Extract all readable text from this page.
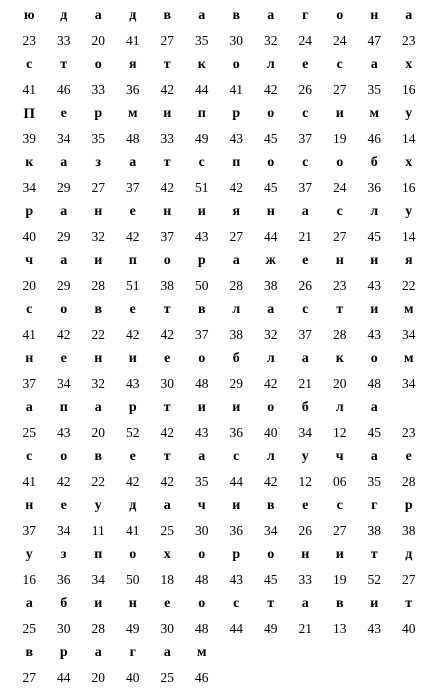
ю	д	а	д	в	а	в	а	г	о	н	а
23	33	20	41	27	35	30	32	24	24	47	23
с	т	о	я	т	к	о	л	е	с	а	х
41	46	33	36	42	44	41	42	26	27	35	16
П	е	р	м	и	п	р	о	с	и	м	у
39	34	35	48	33	49	43	45	37	19	46	14
к	а	з	а	т	с	п	о	с	о	б	х
34	29	27	37	42	51	42	45	37	24	36	16
р	а	н	е	н	и	я	н	а	с	л	у
40	29	32	42	37	43	27	44	21	27	45	14
ч	а	и	п	о	р	а	ж	е	н	и	я
20	29	28	51	38	50	28	38	26	23	43	22
с	о	в	е	т	в	л	а	с	т	и	м
41	42	22	42	42	37	38	32	37	28	43	34
н	е	н	и	е	о	б	л	а	к	о	м
37	34	32	43	30	48	29	42	21	20	48	34
а	п	а	р	т	и	и	о	б	л	а
25	43	20	52	42	43	36	40	34	12	45	23
с	о	в	е	т	а	с	л	у	ч	а	е
41	42	22	42	42	35	44	42	12	06	35	28
н	е	у	д	а	ч	и	в	е	с	г	р
37	34	11	41	25	30	36	34	26	27	38	38
у	з	п	о	х	о	р	о	н	и	т	д
16	36	34	50	18	48	43	45	33	19	52	27
а	б	и	н	е	о	с	т	а	в	и	т
25	30	28	49	30	48	44	49	21	13	43	40
в	р	а	г	а	м
27	44	20	40	25	46
